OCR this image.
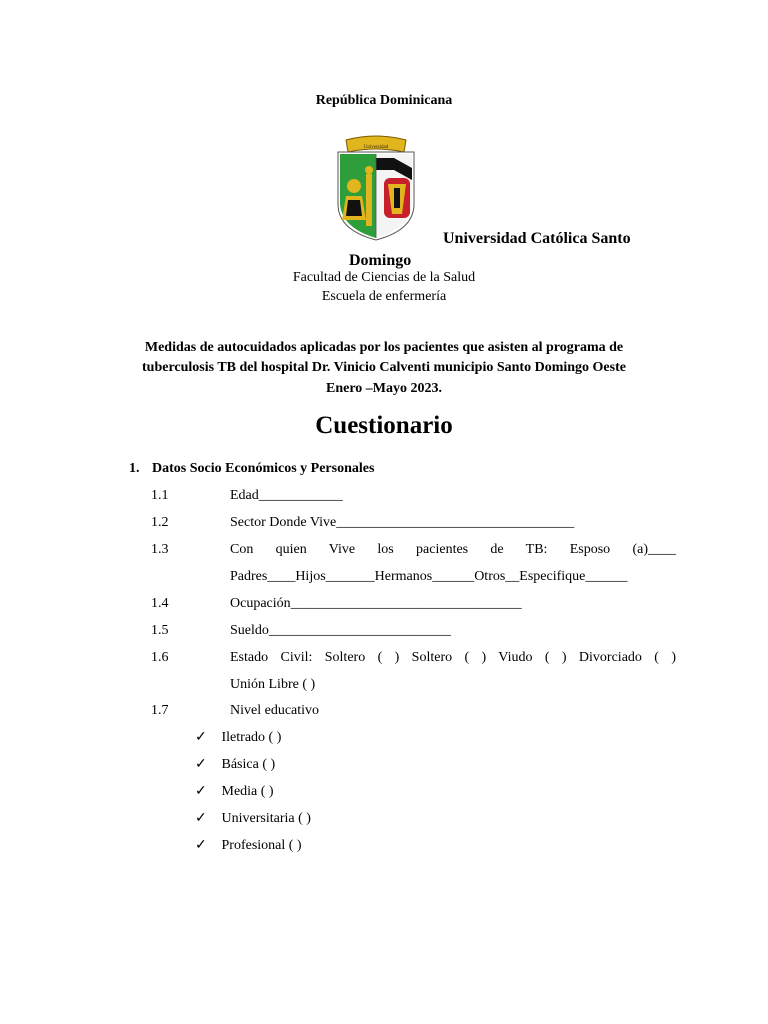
República Dominicana
Universidad
Universidad Católica Santo
Domingo
Facultad de Ciencias de la Salud
Escuela de enfermería
Medidas de autocuidados aplicadas por los pacientes que asisten al programa de
tuberculosis TB del hospital Dr. Vinicio Calventi municipio Santo Domingo Oeste
Enero –Mayo 2023.
Cuestionario
1. Datos Socio Económicos y Personales
1.1	Edad____________
1.2	Sector Donde Vive__________________________________
1.3	Con quien Vive los pacientes de TB: Esposo (a)____
Padres____Hijos_______Hermanos______Otros__Especifique______
1.4	Ocupación_________________________________
1.5	Sueldo__________________________
1.6	Estado Civil: Soltero ( ) Soltero ( ) Viudo ( ) Divorciado ( )
Unión Libre ( )
1.7	Nivel educativo
✓ Iletrado ( )
✓ Básica ( )
✓ Media ( )
✓ Universitaria ( )
✓ Profesional ( )
